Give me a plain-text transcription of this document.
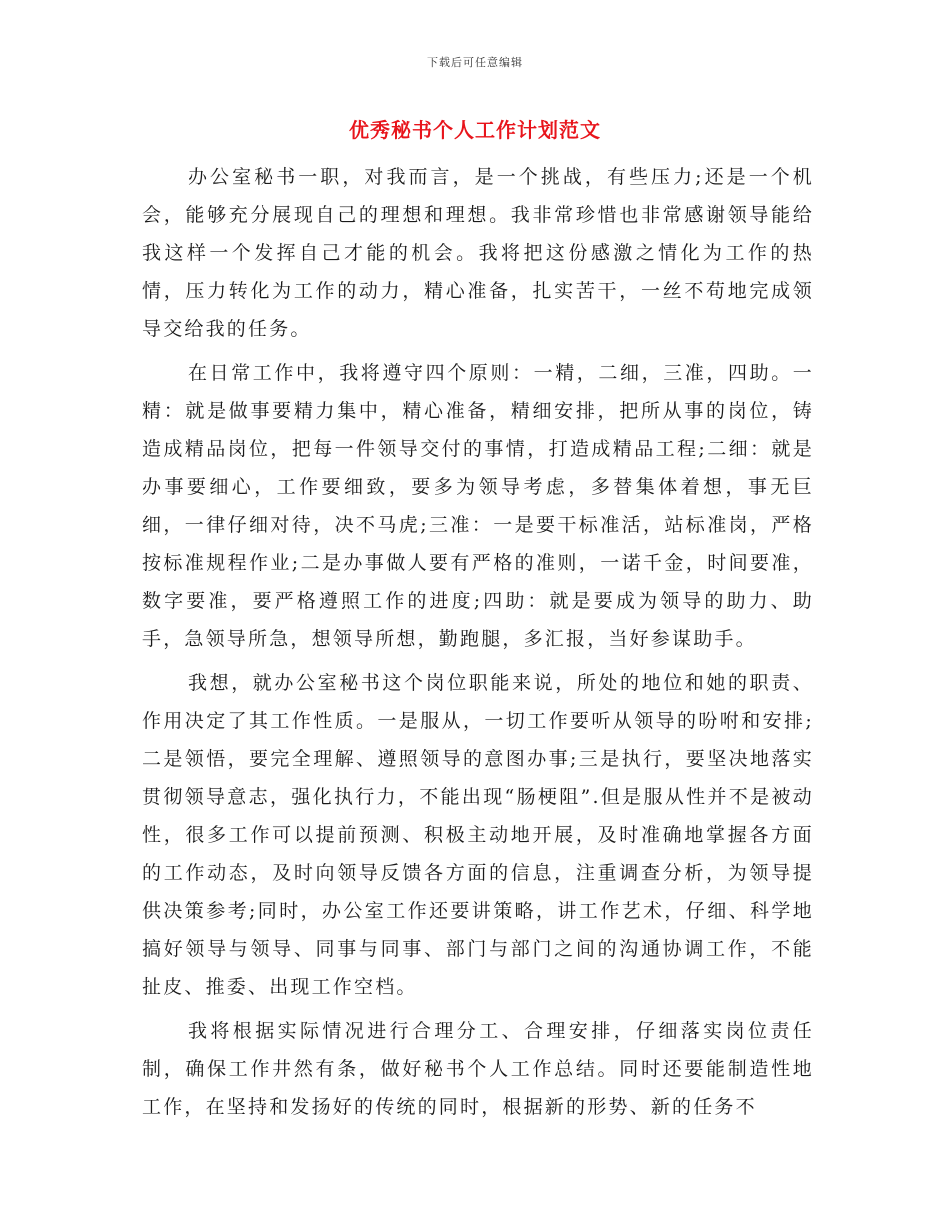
下载后可任意编辑
优秀秘书个人工作计划范文

办公室秘书一职，对我而言，是一个挑战，有些压力;还是一个机会，能够充分展现自己的理想和理想。我非常珍惜也非常感谢领导能给我这样一个发挥自己才能的机会。我将把这份感激之情化为工作的热情，压力转化为工作的动力，精心准备，扎实苦干，一丝不苟地完成领导交给我的任务。

在日常工作中，我将遵守四个原则：一精，二细，三准，四助。一精：就是做事要精力集中，精心准备，精细安排，把所从事的岗位，铸造成精品岗位，把每一件领导交付的事情，打造成精品工程;二细：就是办事要细心，工作要细致，要多为领导考虑，多替集体着想，事无巨细，一律仔细对待，决不马虎;三准：一是要干标准活，站标准岗，严格按标准规程作业;二是办事做人要有严格的准则，一诺千金，时间要准，数字要准，要严格遵照工作的进度;四助：就是要成为领导的助力、助手，急领导所急，想领导所想，勤跑腿，多汇报，当好参谋助手。

我想，就办公室秘书这个岗位职能来说，所处的地位和她的职责、作用决定了其工作性质。一是服从，一切工作要听从领导的吩咐和安排;二是领悟，要完全理解、遵照领导的意图办事;三是执行，要坚决地落实贯彻领导意志，强化执行力，不能出现“肠梗阻”.但是服从性并不是被动性，很多工作可以提前预测、积极主动地开展，及时准确地掌握各方面的工作动态，及时向领导反馈各方面的信息，注重调查分析，为领导提供决策参考;同时，办公室工作还要讲策略，讲工作艺术，仔细、科学地搞好领导与领导、同事与同事、部门与部门之间的沟通协调工作，不能扯皮、推委、出现工作空档。

我将根据实际情况进行合理分工、合理安排，仔细落实岗位责任制，确保工作井然有条，做好秘书个人工作总结。同时还要能制造性地工作，在坚持和发扬好的传统的同时，根据新的形势、新的任务不
